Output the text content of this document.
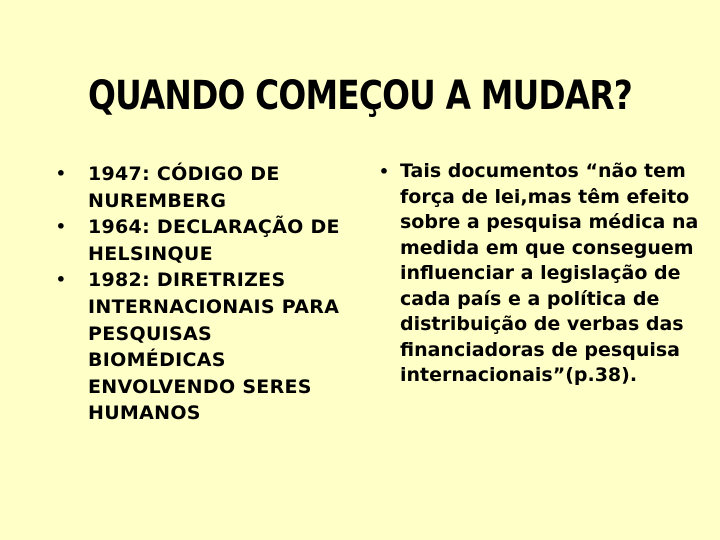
QUANDO COMEÇOU A MUDAR?
•	1947: CÓDIGO DE NUREMBERG
•	1964: DECLARAÇÃO DE HELSINQUE
•	1982: DIRETRIZES INTERNACIONAIS PARA PESQUISAS BIOMÉDICAS ENVOLVENDO SERES HUMANOS
• Tais documentos “não tem força de lei,mas têm efeito sobre a pesquisa médica na medida em que conseguem influenciar a legislação de cada país e a política de distribuição de verbas das financiadoras de pesquisa internacionais”(p.38).
